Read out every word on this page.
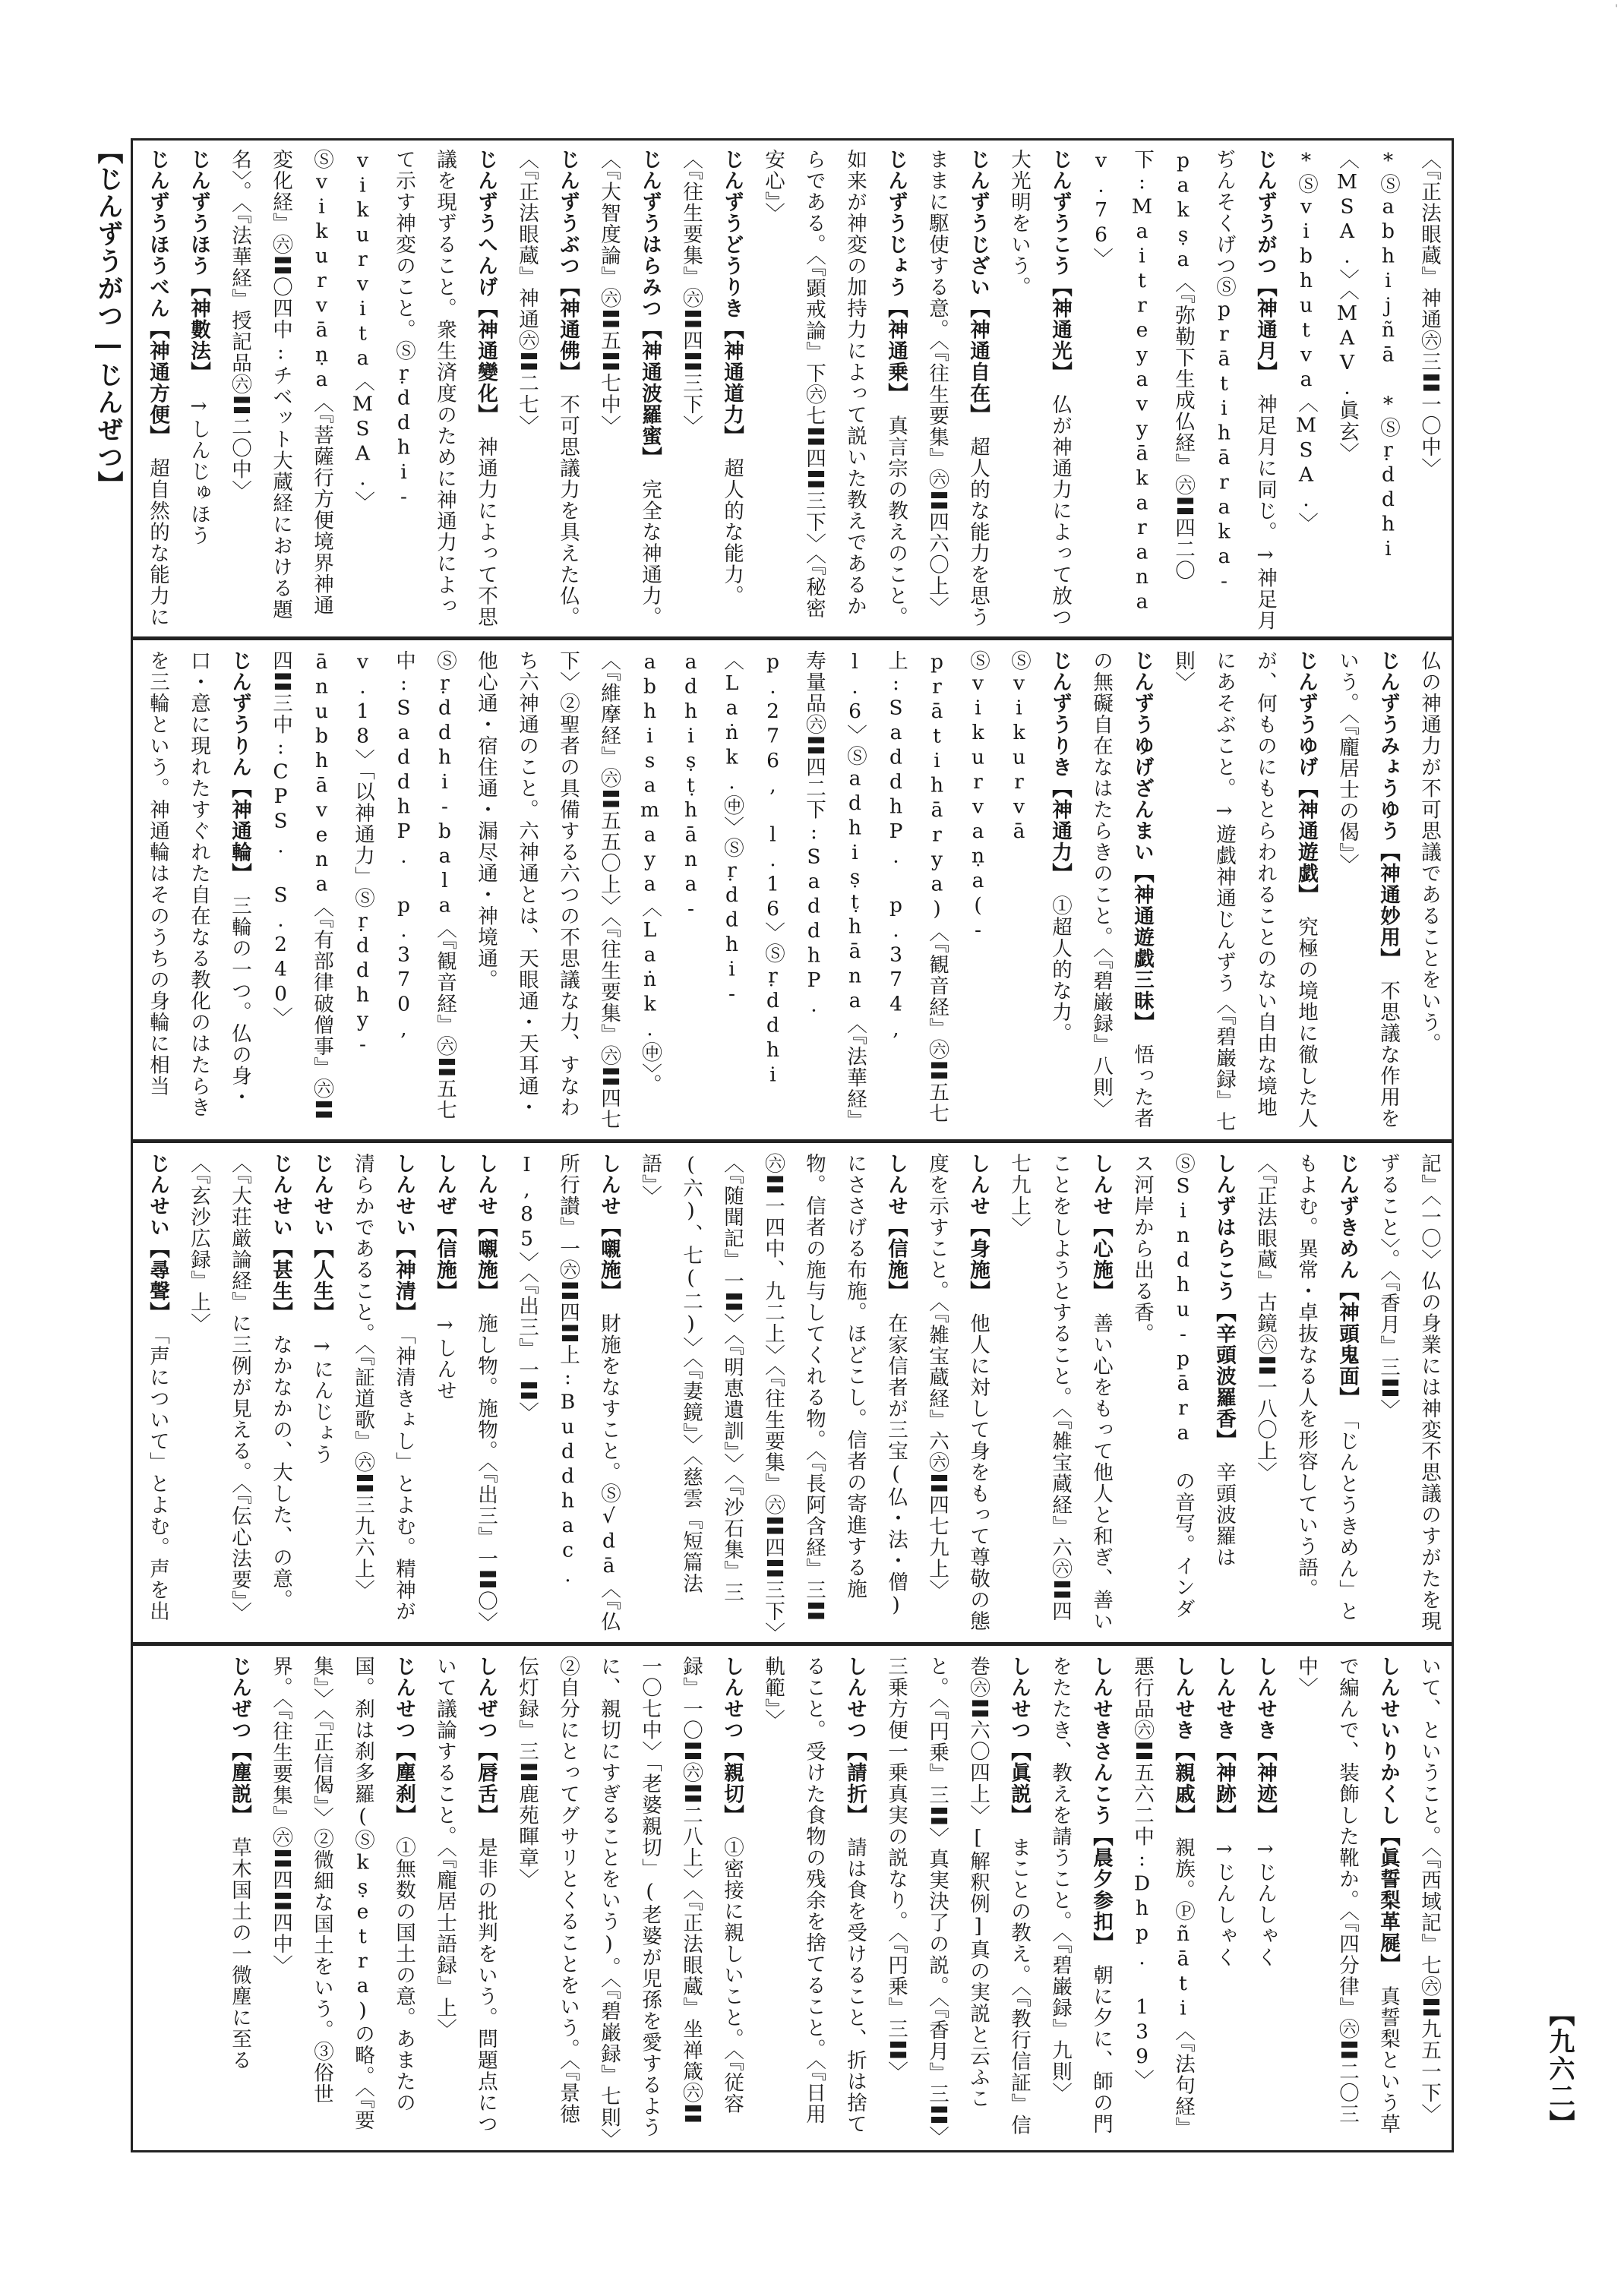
【じんずうがつ―じんぜつ】
【九六二】
'
〈『正法眼蔵』神通㊅三〓一〇中〉*Ⓢabhijñā *Ⓢṛddhi〈MSA.〉〈MAV.眞玄〉*Ⓢvibhutva〈MSA.〉
じんずうがつ【神通月】　神足月に同じ。→神足月ぢんそくげつⓈprātihāraka-pakṣa〈『弥勒下生成仏経』㊅〓四二〇下:Maitreyavyākarana v.76〉
じんずうこう【神通光】　仏が神通力によって放つ大光明をいう。
じんずうじざい【神通自在】　超人的な能力を思うままに駆使する意。〈『往生要集』㊅〓四六〇上〉
じんずうじょう【神通乗】　真言宗の教えのこと。如来が神変の加持力によって説いた教えであるからである。〈『顕戒論』下㊅七〓四〓三下〉〈『秘密安心』〉
じんずうどうりき【神通道力】　超人的な能力。〈『往生要集』㊅〓四〓三下〉
じんずうはらみつ【神通波羅蜜】　完全な神通力。〈『大智度論』㊅〓五〓七中〉
じんずうぶつ【神通佛】　不可思議力を具えた仏。〈『正法眼蔵』神通㊅〓二七〉
じんずうへんげ【神通變化】　神通力によって不思議を現ずること。衆生済度のために神通力によって示す神変のこと。Ⓢṛddhi-vikurvita〈MSA.〉Ⓢvikurvāṇa〈『菩薩行方便境界神通変化経』㊅〓〇四中:チベット大蔵経における題名〉。〈『法華経』授記品㊅〓二〇中〉
じんずうほう【神數法】　→しんじゅほう
じんずうほうべん【神通方便】　超自然的な能力に

仏の神通力が不可思議であることをいう。
じんずうみょうゆう【神通妙用】　不思議な作用をいう。〈『龐居士の偈』〉
じんずうゆげ【神通遊戯】　究極の境地に徹した人が、何ものにもとらわれることのない自由な境地にあそぶこと。→遊戯神通じんずう〈『碧巌録』七則〉
じんずうゆげざんまい【神通遊戯三昧】　悟った者の無礙自在なはたらきのこと。〈『碧巌録』八則〉
じんずうりき【神通力】　①超人的な力。Ⓢvikurvā Ⓢvikurvaṇa(-prātihārya)〈『観音経』㊅〓五七上:SaddhP. p.374, l.6〉Ⓢadhiṣṭhāna〈『法華経』寿量品㊅〓四二下:SaddhP. p.276, l.16〉Ⓢṛddhi〈Laṅk.㊥〉Ⓢṛddhi-adhiṣṭhāna-abhisamaya〈Laṅk.㊥〉。〈『維摩経』㊅〓五五〇上〉〈『往生要集』㊅〓四七下〉②聖者の具備する六つの不思議な力、すなわち六神通のこと。六神通とは、天眼通・天耳通・他心通・宿住通・漏尽通・神境通。Ⓢṛddhi-bala〈『観音経』㊅〓五七中:SaddhP. p.370, v.18〉「以神通力」Ⓢṛddhy-ānubhāvena〈『有部律破僧事』㊅〓四〓三中:CPS. S.240〉
じんずうりん【神通輪】　三輪の一つ。仏の身・口・意に現れたすぐれた自在なる教化のはたらきを三輪という。神通輪はそのうちの身輪に相当
記』〈一〇〉仏の身業には神変不思議のすがたを現ずること〉。〈『香月』三〓〉
じんずきめん【神頭鬼面】　「じんとうきめん」ともよむ。異常・卓抜なる人を形容していう語。〈『正法眼蔵』古鏡㊅〓一八〇上〉
しんずはらこう【辛頭波羅香】　辛頭波羅はⓈSindhu-pāra の音写。インダス河岸から出る香。
しんせ【心施】　善い心をもって他人と和ぎ、善いことをしようとすること。〈『雑宝蔵経』六㊅〓四七九上〉
しんせ【身施】　他人に対して身をもって尊敬の態度を示すこと。〈『雑宝蔵経』六㊅〓四七九上〉
しんせ【信施】　在家信者が三宝(仏・法・僧)にささげる布施。ほどこし。信者の寄進する施物。信者の施与してくれる物。〈『長阿含経』三〓㊅〓一四中、九二上〉〈『往生要集』㊅〓四〓三下〉〈『随聞記』一〓〉〈『明恵遺訓』〉〈『沙石集』三(六)、七(二)〉〈『妻鏡』〉〈慈雲『短篇法語』〉
しんせ【嚫施】　財施をなすこと。Ⓢ√dā〈『仏所行讃』一㊅〓四〓上:Buddhac. I,85〉〈『出三』一〓〉
しんせ【嚫施】　施し物。施物。〈『出三』一〓〇〉
しんぜ【信施】　→しんせ
しんせい【神清】　「神清きょし」とよむ。精神が清らかであること。〈『証道歌』㊅〓三九六上〉
じんせい【人生】　→にんじょう
じんせい【甚生】　なかなかの、大した、の意。〈『大荘厳論経』に三例が見える。〈『伝心法要』〉〈『玄沙広録』上〉
じんせい【尋聲】　「声について」とよむ。声を出
いて、ということ。〈『西域記』七㊅〓九五一下〉
しんせいりかくし【眞誓梨革屣】　真誓梨という草で編んで、装飾した靴か。〈『四分律』㊅〓二〇三中〉
しんせき【神迹】　→じんしゃく
しんせき【神跡】　→じんしゃく
しんせき【親戚】　親族。Ⓟñāti〈『法句経』悪行品㊅〓五六二中:Dhp. 139〉
しんせきさんこう【晨夕参扣】　朝に夕に、師の門をたたき、教えを請うこと。〈『碧巌録』九則〉
しんせつ【眞説】　まことの教え。〈『教行信証』信巻㊅〓六〇四上〉[解釈例]真の実説と云ふこと。〈『円乗』三〓〉真実決了の説。〈『香月』三〓〉三乗方便一乗真実の説なり。〈『円乗』三〓〉
しんせつ【請折】　請は食を受けること、折は捨てること。受けた食物の残余を捨てること。〈『日用軌範』〉
しんせつ【親切】　①密接に親しいこと。〈『従容録』一〇〓㊅〓二八上〉〈『正法眼蔵』坐禅箴㊅〓一〇七中〉「老婆親切」(老婆が児孫を愛するように、親切にすぎることをいう)。〈『碧巌録』七則〉②自分にとってグサリとくることをいう。〈『景徳伝灯録』三〓鹿苑暉章〉
しんぜつ【唇舌】　是非の批判をいう。問題点について議論すること。〈『龐居士語録』上〉
じんせつ【塵刹】　①無数の国土の意。あまたの国。刹は刹多羅(Ⓢkṣetra)の略。〈『要集』〉〈『正信偈』〉②微細な国土をいう。③俗世界。〈『往生要集』㊅〓四〓四中〉
じんぜつ【塵説】　草木国土の一微塵に至る
